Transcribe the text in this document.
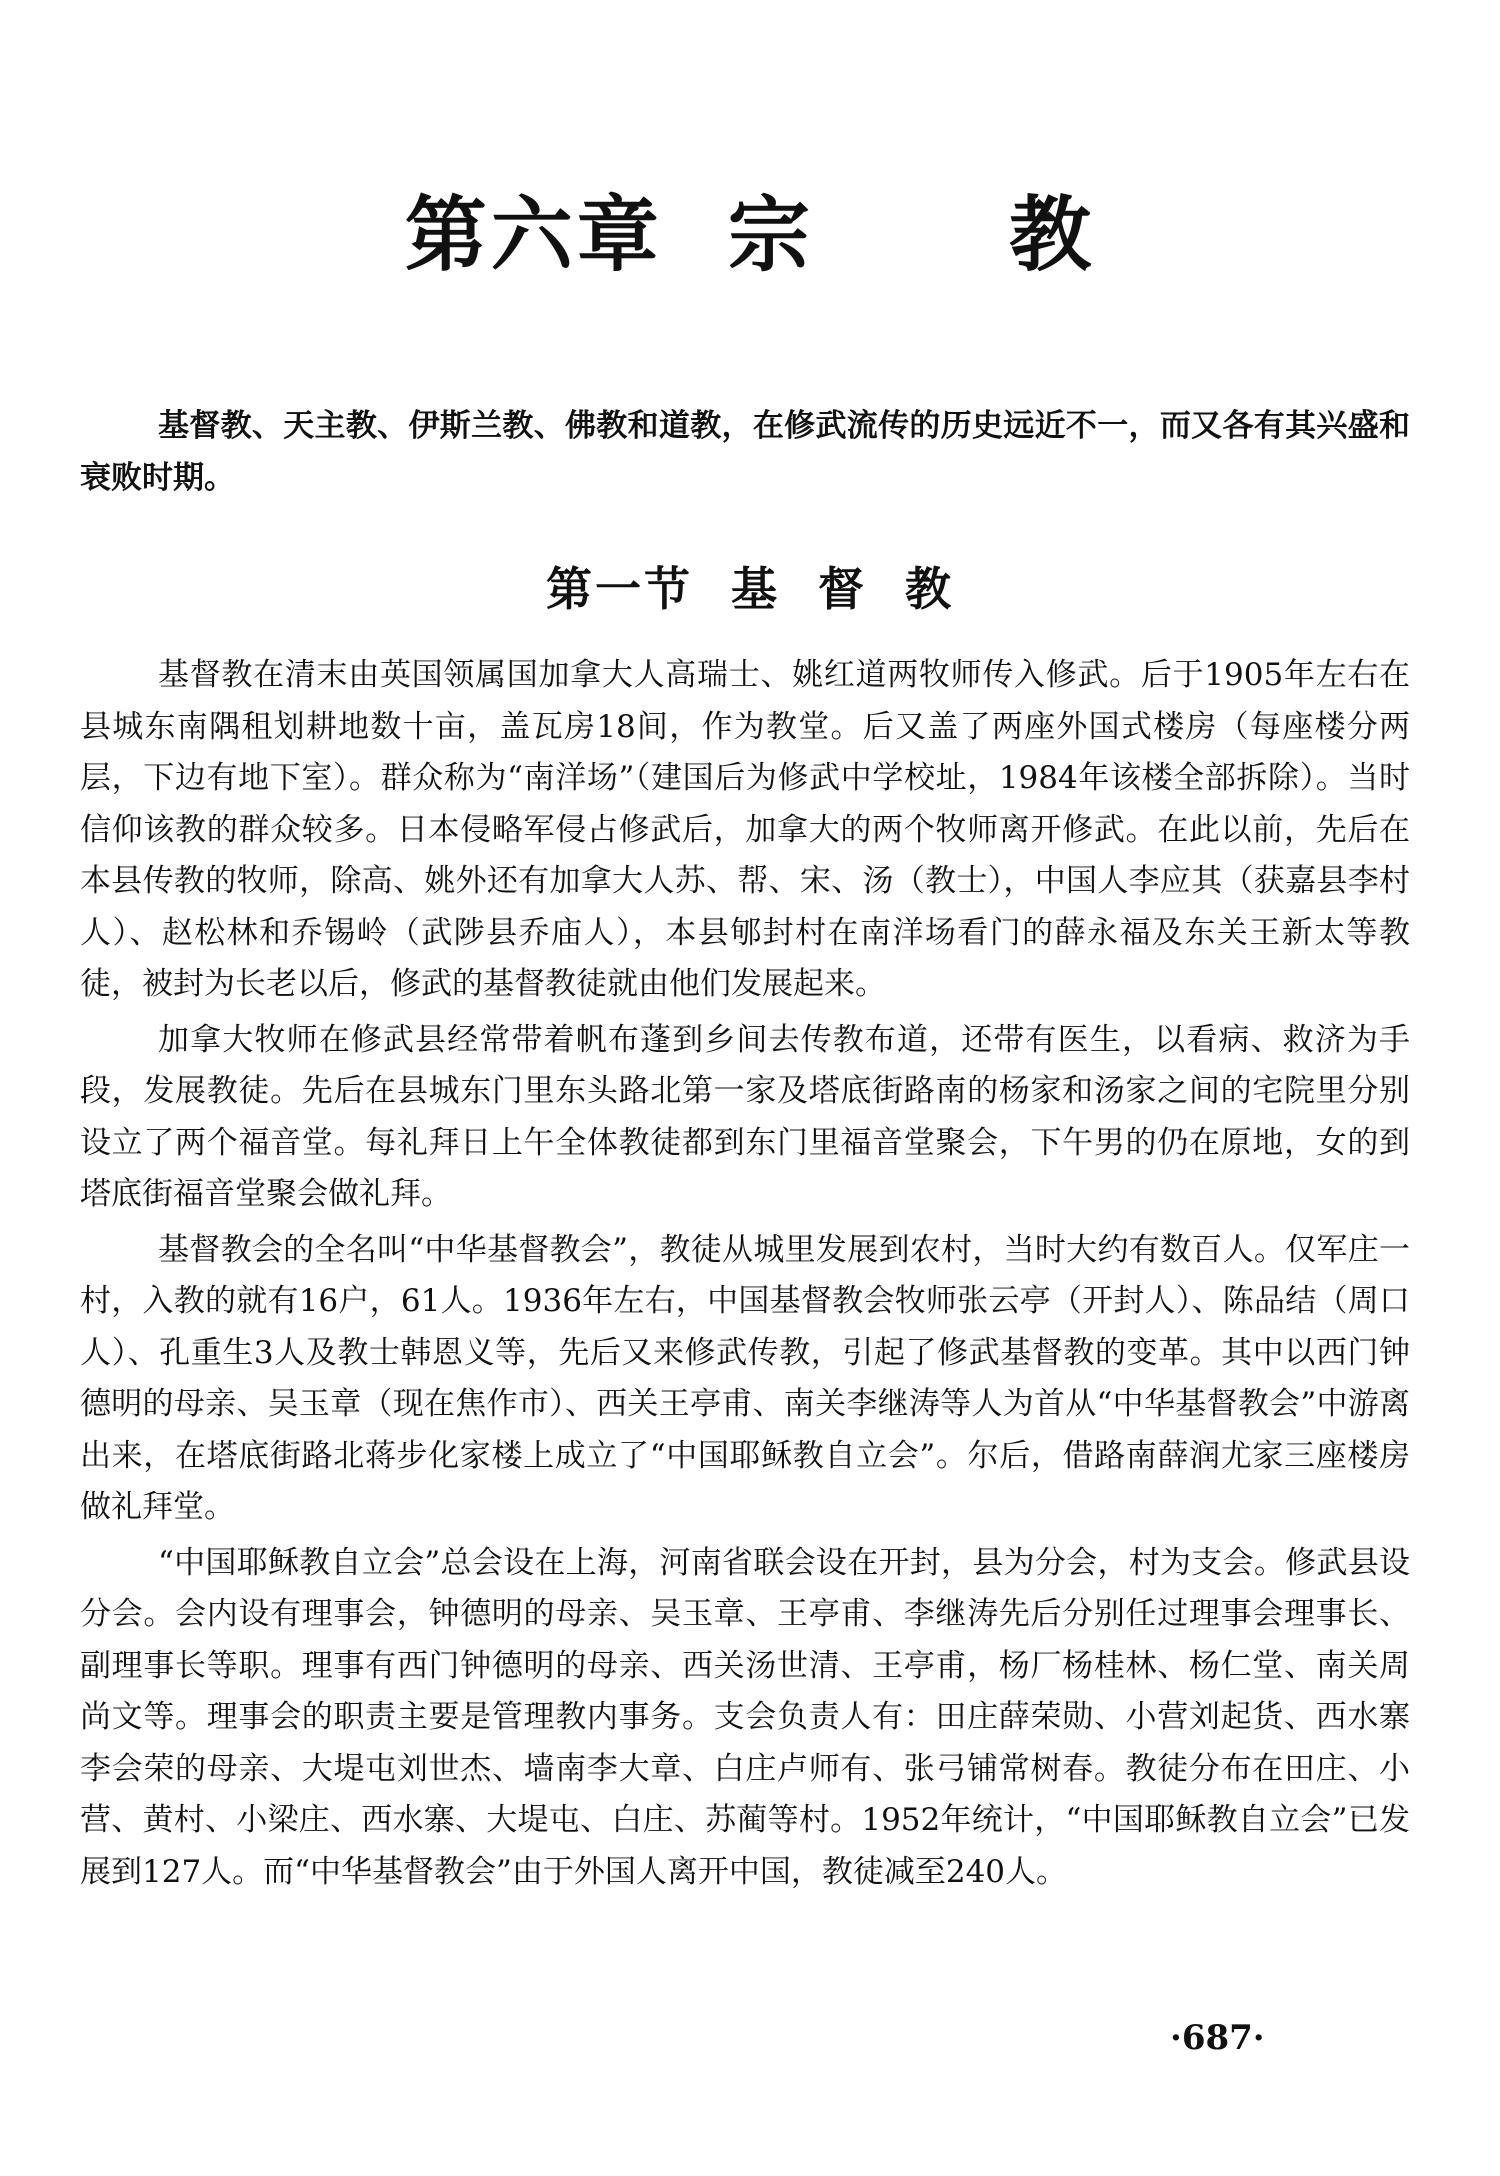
第六章  宗      教

基督教、天主教、伊斯兰教、佛教和道教，在修武流传的历史远近不一，而又各有其兴盛和衰败时期。

第一节  基  督  教

基督教在清末由英国领属国加拿大人高瑞士、姚红道两牧师传入修武。后于1905年左右在县城东南隅租划耕地数十亩，盖瓦房18间，作为教堂。后又盖了两座外国式楼房（每座楼分两层，下边有地下室）。群众称为“南洋场”（建国后为修武中学校址，1984年该楼全部拆除）。当时信仰该教的群众较多。日本侵略军侵占修武后，加拿大的两个牧师离开修武。在此以前，先后在本县传教的牧师，除高、姚外还有加拿大人苏、帮、宋、汤（教士），中国人李应其（获嘉县李村人）、赵松林和乔锡岭（武陟县乔庙人），本县郇封村在南洋场看门的薛永福及东关王新太等教徒，被封为长老以后，修武的基督教徒就由他们发展起来。

加拿大牧师在修武县经常带着帆布蓬到乡间去传教布道，还带有医生，以看病、救济为手段，发展教徒。先后在县城东门里东头路北第一家及塔底街路南的杨家和汤家之间的宅院里分别设立了两个福音堂。每礼拜日上午全体教徒都到东门里福音堂聚会，下午男的仍在原地，女的到塔底街福音堂聚会做礼拜。

基督教会的全名叫“中华基督教会”，教徒从城里发展到农村，当时大约有数百人。仅军庄一村，入教的就有16户，61人。1936年左右，中国基督教会牧师张云亭（开封人）、陈品结（周口人）、孔重生3人及教士韩恩义等，先后又来修武传教，引起了修武基督教的变革。其中以西门钟德明的母亲、吴玉章（现在焦作市）、西关王亭甫、南关李继涛等人为首从“中华基督教会”中游离出来，在塔底街路北蒋步化家楼上成立了“中国耶稣教自立会”。尔后，借路南薛润尤家三座楼房做礼拜堂。

“中国耶稣教自立会”总会设在上海，河南省联会设在开封，县为分会，村为支会。修武县设分会。会内设有理事会，钟德明的母亲、吴玉章、王亭甫、李继涛先后分别任过理事会理事长、副理事长等职。理事有西门钟德明的母亲、西关汤世清、王亭甫，杨厂杨桂林、杨仁堂、南关周尚文等。理事会的职责主要是管理教内事务。支会负责人有：田庄薛荣勋、小营刘起货、西水寨李会荣的母亲、大堤屯刘世杰、墙南李大章、白庄卢师有、张弓铺常树春。教徒分布在田庄、小营、黄村、小梁庄、西水寨、大堤屯、白庄、苏蔺等村。1952年统计，“中国耶稣教自立会”已发展到127人。而“中华基督教会”由于外国人离开中国，教徒减至240人。

·687·
